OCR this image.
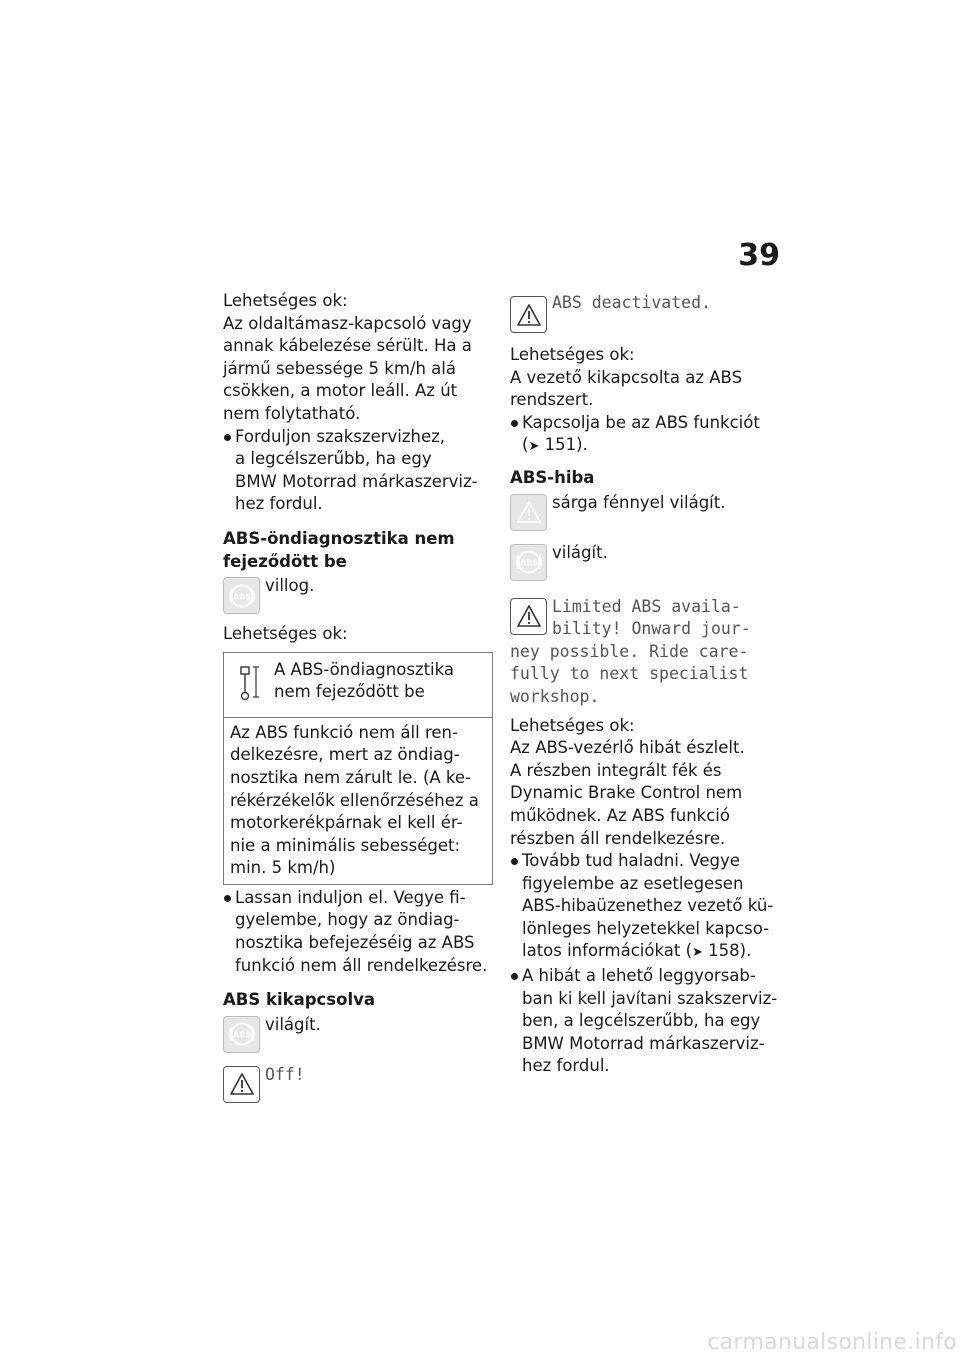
39
Lehetséges ok:
Az oldaltámasz-kapcsoló vagy
annak kábelezése sérült. Ha a
jármű sebessége 5 km/h alá
csökken, a motor leáll. Az út
nem folytatható.
Forduljon szakszervizhez,
a legcélszerűbb, ha egy
BMW Motorrad márkaszerviz-
hez fordul.
ABS-öndiagnosztika nem
fejeződött be
ABS
villog.
Lehetséges ok:
A ABS-öndiagnosztika
nem fejeződött be
Az ABS funkció nem áll ren-
delkezésre, mert az öndiag-
nosztika nem zárult le. (A ke-
rékérzékelők ellenőrzéséhez a
motorkerékpárnak el kell ér-
nie a minimális sebességet:
min. 5 km/h)
Lassan induljon el. Vegye fi-
gyelembe, hogy az öndiag-
nosztika befejezéséig az ABS
funkció nem áll rendelkezésre.
ABS kikapcsolva
ABS
világít.
Off!
ABS deactivated.
Lehetséges ok:
A vezető kikapcsolta az ABS
rendszert.
Kapcsolja be az ABS funkciót
(➤ 151).
ABS-hiba
sárga fénnyel világít.
ABS
világít.
Limited ABS availa-
bility! Onward jour-
ney possible. Ride care-
fully to next specialist
workshop.
Lehetséges ok:
Az ABS-vezérlő hibát észlelt.
A részben integrált fék és
Dynamic Brake Control nem
működnek. Az ABS funkció
részben áll rendelkezésre.
Tovább tud haladni. Vegye
figyelembe az esetlegesen
ABS-hibaüzenethez vezető kü-
lönleges helyzetekkel kapcso-
latos információkat (➤ 158).
A hibát a lehető leggyorsab-
ban ki kell javítani szakszerviz-
ben, a legcélszerűbb, ha egy
BMW Motorrad márkaszerviz-
hez fordul.
carmanualsonline.info
